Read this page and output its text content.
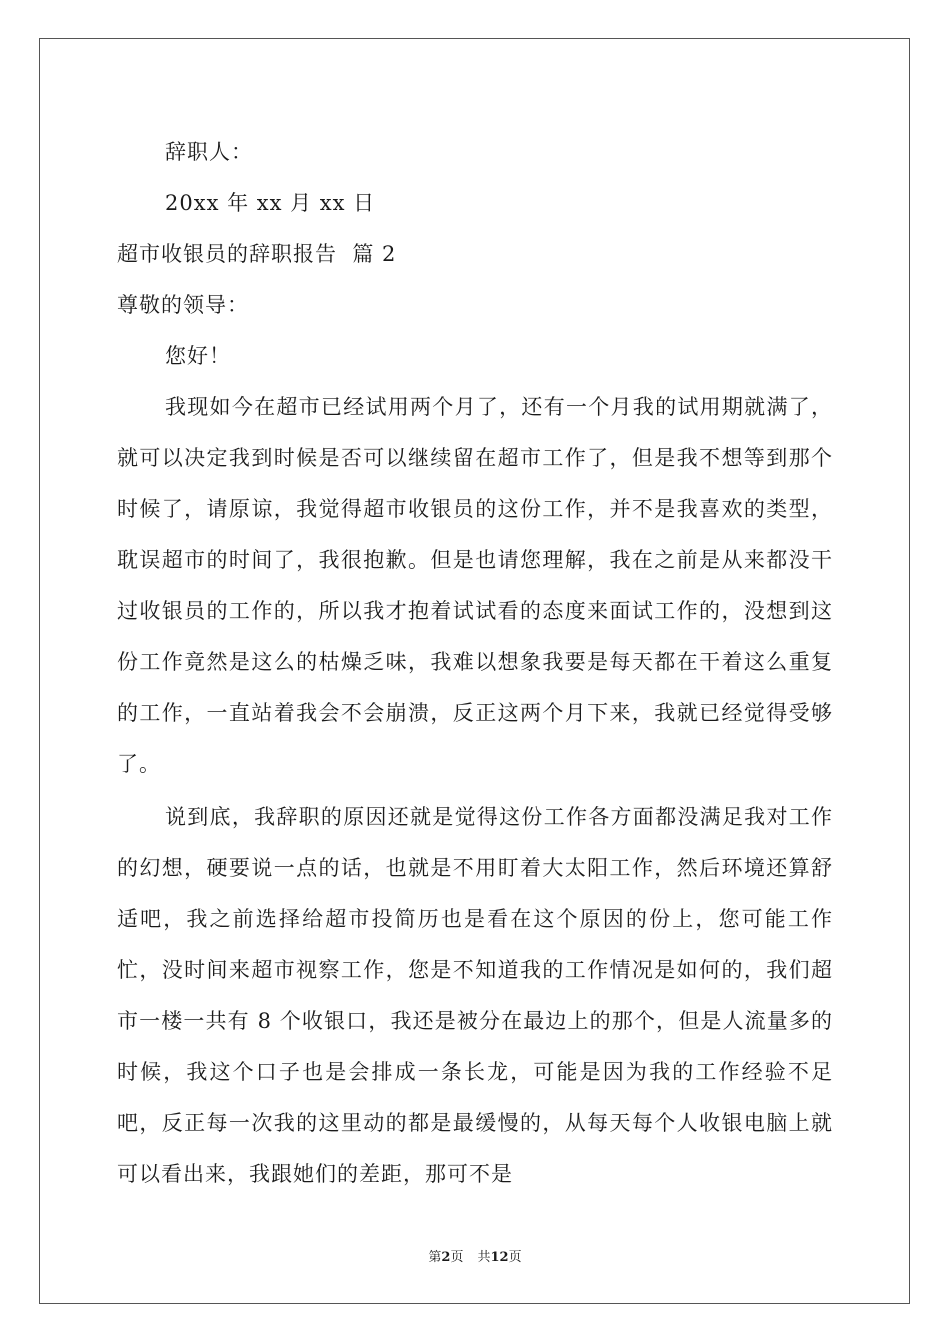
辞职人：
20xx 年 xx 月 xx 日
超市收银员的辞职报告  篇 2
尊敬的领导：
您好！
我现如今在超市已经试用两个月了，还有一个月我的试用期就满了，就可以决定我到时候是否可以继续留在超市工作了，但是我不想等到那个时候了，请原谅，我觉得超市收银员的这份工作，并不是我喜欢的类型，耽误超市的时间了，我很抱歉。但是也请您理解，我在之前是从来都没干过收银员的工作的，所以我才抱着试试看的态度来面试工作的，没想到这份工作竟然是这么的枯燥乏味，我难以想象我要是每天都在干着这么重复的工作，一直站着我会不会崩溃，反正这两个月下来，我就已经觉得受够了。
说到底，我辞职的原因还就是觉得这份工作各方面都没满足我对工作的幻想，硬要说一点的话，也就是不用盯着大太阳工作，然后环境还算舒适吧，我之前选择给超市投简历也是看在这个原因的份上，您可能工作忙，没时间来超市视察工作，您是不知道我的工作情况是如何的，我们超市一楼一共有 8 个收银口，我还是被分在最边上的那个，但是人流量多的时候，我这个口子也是会排成一条长龙，可能是因为我的工作经验不足吧，反正每一次我的这里动的都是最缓慢的，从每天每个人收银电脑上就可以看出来，我跟她们的差距，那可不是
第2页 共12页
